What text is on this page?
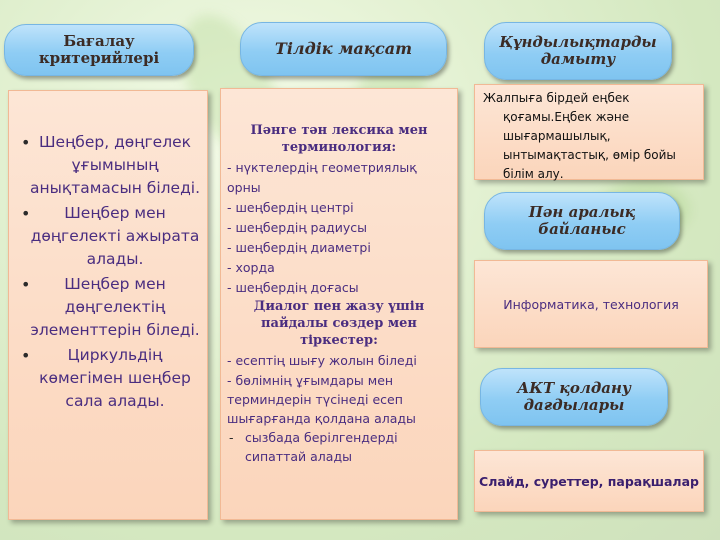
Бағалау критерийлері
Тілдік мақсат	Құндылықтарды дамыту
• Шеңбер, дөңгелек ұғымының анықтамасын біледі.
• Шеңбер мен дөңгелекті ажырата алады.
• Шеңбер мен дөңгелектің элементтерін біледі.
• Циркульдің көмегімен шеңбер сала алады.
Пәнге тән лексика мен терминология:
- нүктелердің геометриялық орны
- шеңбердің центрі
- шеңбердің радиусы
- шеңбердің диаметрі
- хорда
- шеңбердің доғасы
Диалог пен жазу үшін пайдалы сөздер мен тіркестер:
- есептің шығу жолын біледі
- бөлімнің ұғымдары мен терминдерін түсінеді есеп шығарғанда қолдана алады
- сызбада берілгендерді сипаттай алады
Жалпыға бірдей еңбек қоғамы.Еңбек және шығармашылық, ынтымақтастық, өмір бойы білім алу.
Пән аралық байланыс
Информатика, технология
АКТ қолдану дағдылары
Слайд, суреттер, парақшалар
